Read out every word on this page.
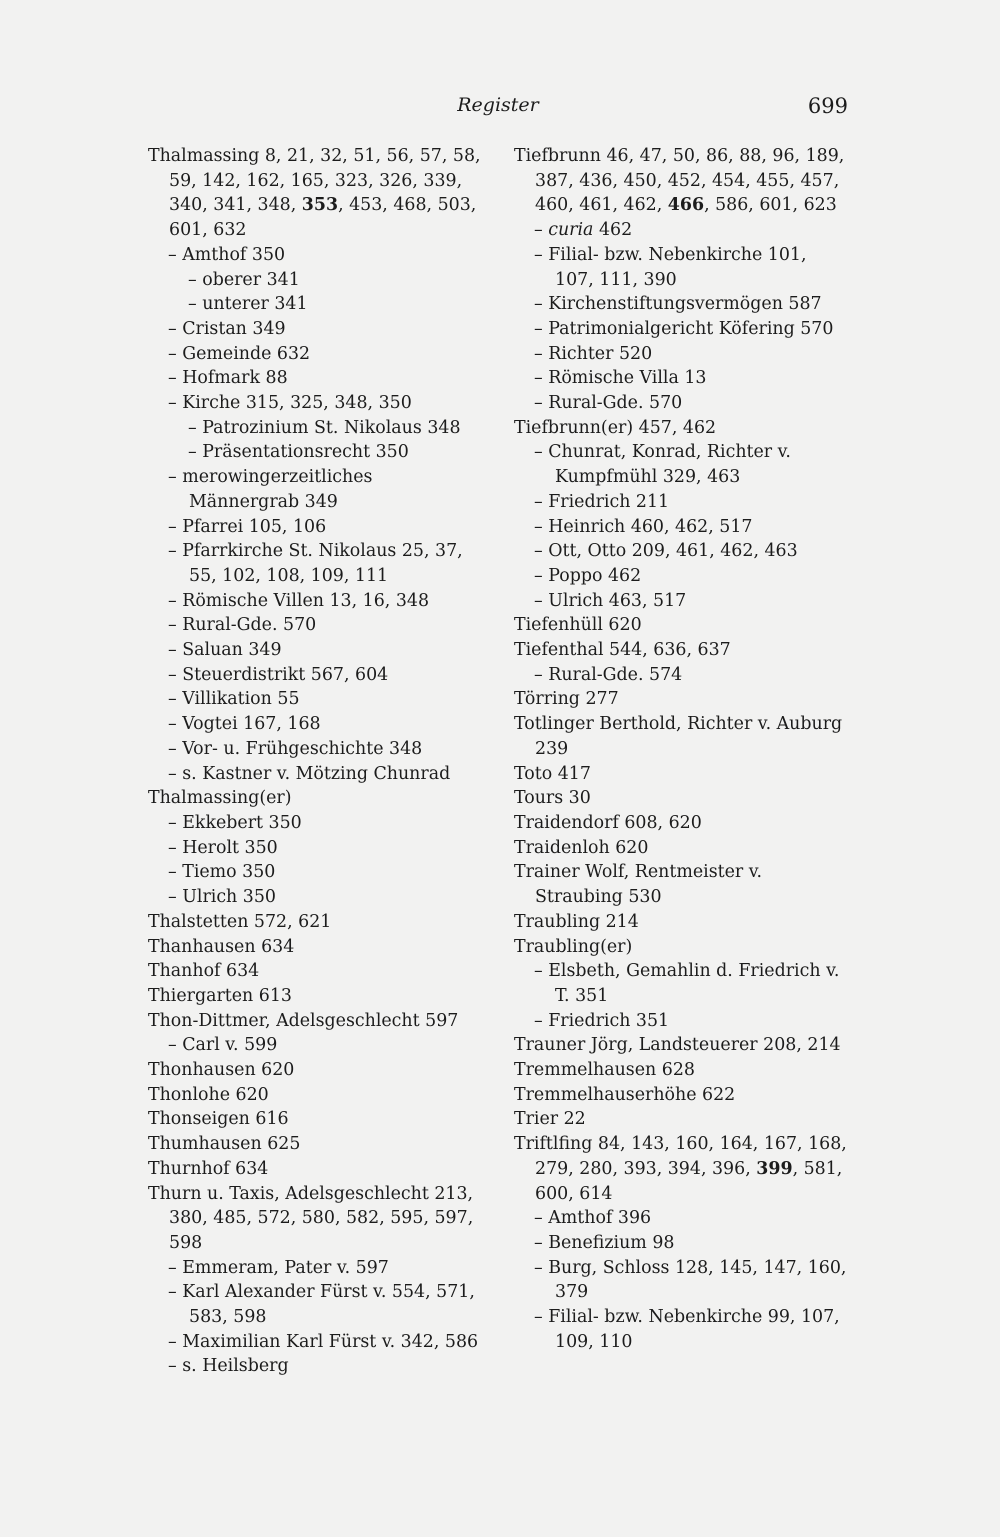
Register	699
Thalmassing 8, 21, 32, 51, 56, 57, 58, 59, 142, 162, 165, 323, 326, 339, 340, 341, 348, 353, 453, 468, 503, 601, 632
– Amthof 350
– oberer 341
– unterer 341
– Cristan 349
– Gemeinde 632
– Hofmark 88
– Kirche 315, 325, 348, 350
– Patrozinium St. Nikolaus 348
– Präsentationsrecht 350
– merowingerzeitliches Männergrab 349
– Pfarrei 105, 106
– Pfarrkirche St. Nikolaus 25, 37, 55, 102, 108, 109, 111
– Römische Villen 13, 16, 348
– Rural-Gde. 570
– Saluan 349
– Steuerdistrikt 567, 604
– Villikation 55
– Vogtei 167, 168
– Vor- u. Frühgeschichte 348
– s. Kastner v. Mötzing Chunrad
Thalmassing(er)
– Ekkebert 350
– Herolt 350
– Tiemo 350
– Ulrich 350
Thalstetten 572, 621
Thanhausen 634
Thanhof 634
Thiergarten 613
Thon-Dittmer, Adelsgeschlecht 597
– Carl v. 599
Thonhausen 620
Thonlohe 620
Thonseigen 616
Thumhausen 625
Thurnhof 634
Thurn u. Taxis, Adelsgeschlecht 213, 380, 485, 572, 580, 582, 595, 597, 598
– Emmeram, Pater v. 597
– Karl Alexander Fürst v. 554, 571, 583, 598
– Maximilian Karl Fürst v. 342, 586
– s. Heilsberg
Tiefbrunn 46, 47, 50, 86, 88, 96, 189, 387, 436, 450, 452, 454, 455, 457, 460, 461, 462, 466, 586, 601, 623
– curia 462
– Filial- bzw. Nebenkirche 101, 107, 111, 390
– Kirchenstiftungsvermögen 587
– Patrimonialgericht Köfering 570
– Richter 520
– Römische Villa 13
– Rural-Gde. 570
Tiefbrunn(er) 457, 462
– Chunrat, Konrad, Richter v. Kumpfmühl 329, 463
– Friedrich 211
– Heinrich 460, 462, 517
– Ott, Otto 209, 461, 462, 463
– Poppo 462
– Ulrich 463, 517
Tiefenhüll 620
Tiefenthal 544, 636, 637
– Rural-Gde. 574
Törring 277
Totlinger Berthold, Richter v. Auburg 239
Toto 417
Tours 30
Traidendorf 608, 620
Traidenloh 620
Trainer Wolf, Rentmeister v. Straubing 530
Traubling 214
Traubling(er)
– Elsbeth, Gemahlin d. Friedrich v. T. 351
– Friedrich 351
Trauner Jörg, Landsteuerer 208, 214
Tremmelhausen 628
Tremmelhauserhöhe 622
Trier 22
Triftlfing 84, 143, 160, 164, 167, 168, 279, 280, 393, 394, 396, 399, 581, 600, 614
– Amthof 396
– Benefizium 98
– Burg, Schloss 128, 145, 147, 160, 379
– Filial- bzw. Nebenkirche 99, 107, 109, 110
